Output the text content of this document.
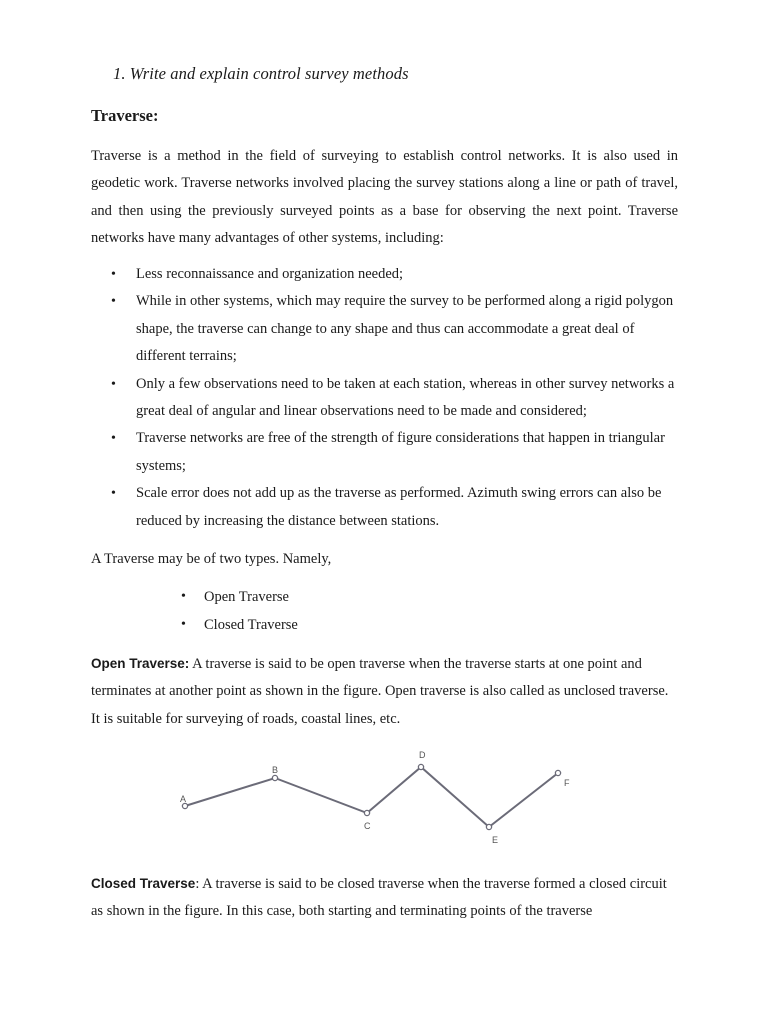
1. Write and explain control survey methods
Traverse:

Traverse is a method in the field of surveying to establish control networks. It is also used in geodetic work. Traverse networks involved placing the survey stations along a line or path of travel, and then using the previously surveyed points as a base for observing the next point. Traverse networks have many advantages of other systems, including:

• Less reconnaissance and organization needed;
• While in other systems, which may require the survey to be performed along a rigid polygon shape, the traverse can change to any shape and thus can accommodate a great deal of different terrains;
• Only a few observations need to be taken at each station, whereas in other survey networks a great deal of angular and linear observations need to be made and considered;
• Traverse networks are free of the strength of figure considerations that happen in triangular systems;
• Scale error does not add up as the traverse as performed. Azimuth swing errors can also be reduced by increasing the distance between stations.

A Traverse may be of two types. Namely,

• Open Traverse
• Closed Traverse

Open Traverse: A traverse is said to be open traverse when the traverse starts at one point and terminates at another point as shown in the figure. Open traverse is also called as unclosed traverse. It is suitable for surveying of roads, coastal lines, etc.

A
B
C
D
E
F

Closed Traverse: A traverse is said to be closed traverse when the traverse formed a closed circuit as shown in the figure. In this case, both starting and terminating points of the traverse
